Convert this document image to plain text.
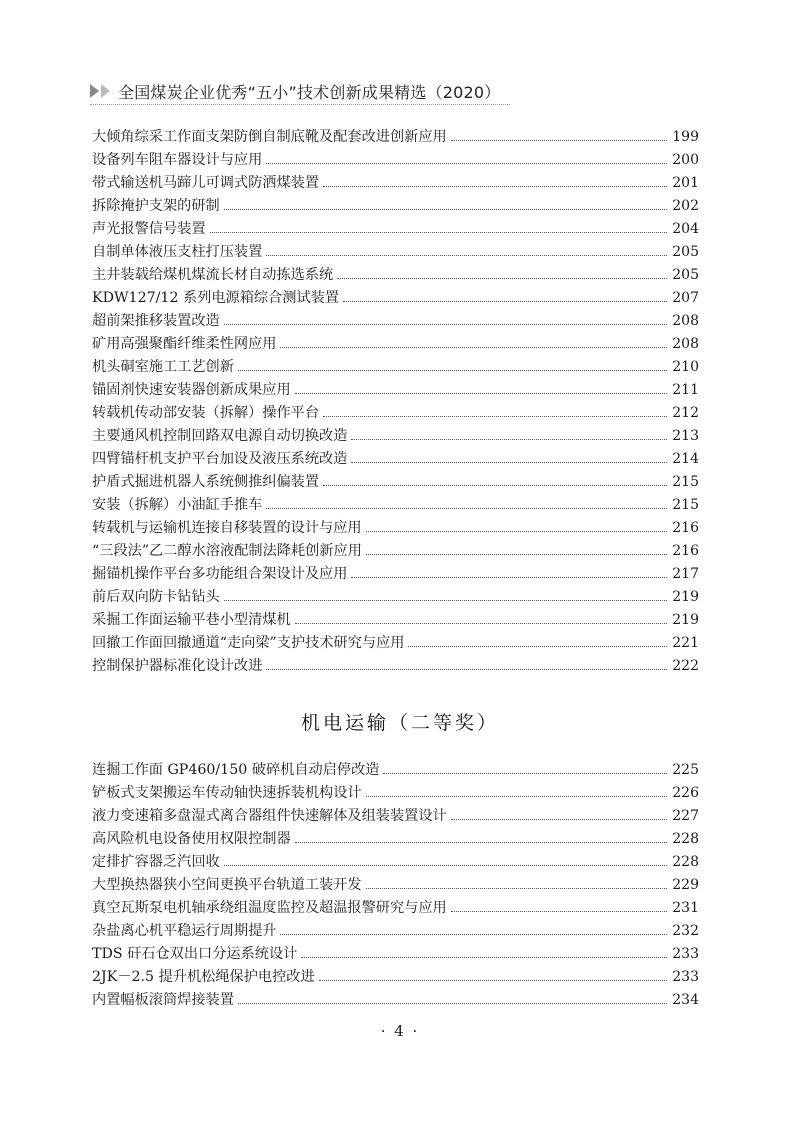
全国煤炭企业优秀“五小”技术创新成果精选（2020）
大倾角综采工作面支架防倒自制底靴及配套改进创新应用	199
设备列车阻车器设计与应用	200
带式输送机马蹄儿可调式防洒煤装置	201
拆除掩护支架的研制	202
声光报警信号装置	204
自制单体液压支柱打压装置	205
主井装载给煤机煤流长材自动拣选系统	205
KDW127/12 系列电源箱综合测试装置	207
超前架推移装置改造	208
矿用高强聚酯纤维柔性网应用	208
机头硐室施工工艺创新	210
锚固剂快速安装器创新成果应用	211
转载机传动部安装（拆解）操作平台	212
主要通风机控制回路双电源自动切换改造	213
四臂锚杆机支护平台加设及液压系统改造	214
护盾式掘进机器人系统侧推纠偏装置	215
安装（拆解）小油缸手推车	215
转载机与运输机连接自移装置的设计与应用	216
“三段法”乙二醇水溶液配制法降耗创新应用	216
掘锚机操作平台多功能组合架设计及应用	217
前后双向防卡钻钻头	219
采掘工作面运输平巷小型清煤机	219
回撤工作面回撤通道“走向梁”支护技术研究与应用	221
控制保护器标准化设计改进	222
机电运输（二等奖）
连掘工作面 GP460/150 破碎机自动启停改造	225
铲板式支架搬运车传动轴快速拆装机构设计	226
液力变速箱多盘湿式离合器组件快速解体及组装装置设计	227
高风险机电设备使用权限控制器	228
定排扩容器乏汽回收	228
大型换热器狭小空间更换平台轨道工装开发	229
真空瓦斯泵电机轴承绕组温度监控及超温报警研究与应用	231
杂盐离心机平稳运行周期提升	232
TDS 矸石仓双出口分运系统设计	233
2JK－2.5 提升机松绳保护电控改进	233
内置幅板滚筒焊接装置	234
· 4 ·
